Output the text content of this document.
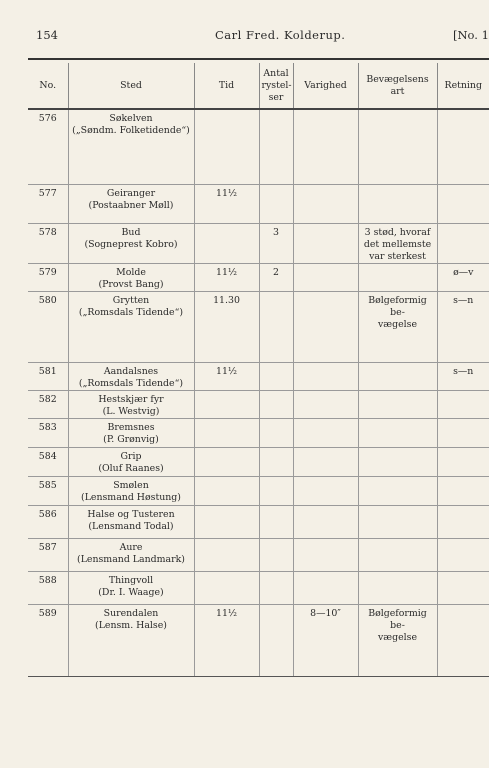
154	Carl Fred. Kolderup.	[No. 1
No.	Sted	Tid	Antal rystel- ser	Varighed	Bevægelsens art	Retning
576	Søkelven
(„Søndm. Folketidende“)					

577	Geiranger
(Postaabner Møll)	11½				
578	Bud
(Sogneprest Kobro)		3		3 stød, hvoraf
det mellemste
var sterkest	

579	Molde
(Provst Bang)	11½	2			ø—v
580	Grytten
(„Romsdals Tidende“)	11.30			Bølgeformig be-
vægelse	s—n
581	Aandalsnes
(„Romsdals Tidende“)	11½				s—n
582	Hestskjær fyr
(L. Westvig)					

583	Bremsnes
(P. Grønvig)					

584	Grip
(Oluf Raanes)					

585	Smølen
(Lensmand Høstung)					

586	Halse og Tusteren
(Lensmand Todal)					

587	Aure
(Lensmand Landmark)					

588	Thingvoll
(Dr. I. Waage)					

589	Surendalen
(Lensm. Halse)	11½		8—10″	Bølgeformig be-
vægelse	
